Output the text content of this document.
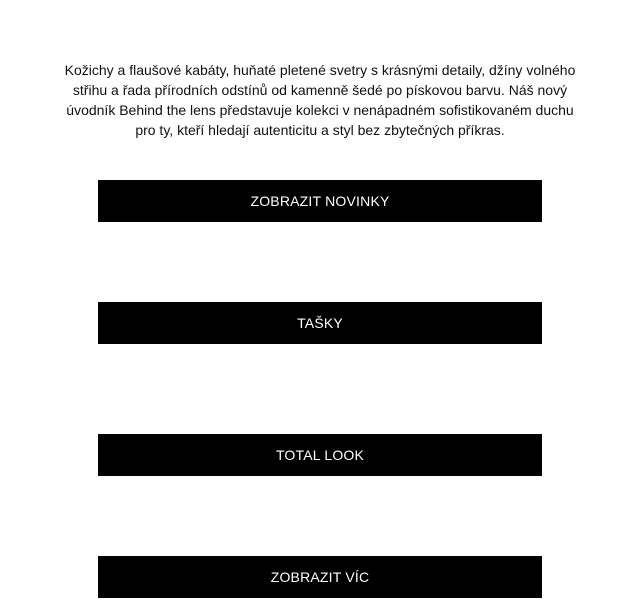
Kožichy a flaušové kabáty, huňaté pletené svetry s krásnými detaily, džíny volného střihu a řada přírodních odstínů od kamenně šedé po pískovou barvu. Náš nový úvodník Behind the lens představuje kolekci v nenápadném sofistikovaném duchu pro ty, kteří hledají autenticitu a styl bez zbytečných příkras.

ZOBRAZIT NOVINKY
TAŠKY
TOTAL LOOK
ZOBRAZIT VÍC
